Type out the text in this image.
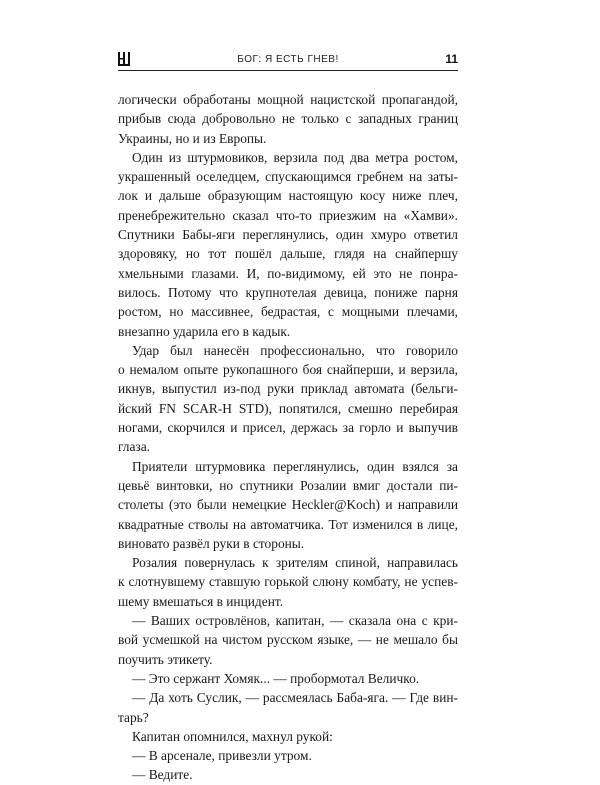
БОГ: Я ЕСТЬ ГНЕВ!	11
логически обработаны мощной нацистской пропагандой,
прибыв сюда добровольно не только с западных границ
Украины, но и из Европы.
Один из штурмовиков, верзила под два метра ростом,
украшенный оселедцем, спускающимся гребнем на заты-
лок и дальше образующим настоящую косу ниже плеч,
пренебрежительно сказал что-то приезжим на «Хамви».
Спутники Бабы-яги переглянулись, один хмуро ответил
здоровяку, но тот пошёл дальше, глядя на снайпершу
хмельными глазами. И, по-видимому, ей это не понра-
вилось. Потому что крупнотелая девица, пониже парня
ростом, но массивнее, бедрастая, с мощными плечами,
внезапно ударила его в кадык.
Удар был нанесён профессионально, что говорило
о немалом опыте рукопашного боя снайперши, и верзила,
икнув, выпустил из-под руки приклад автомата (бельги-
йский FN SCAR-H STD), попятился, смешно перебирая
ногами, скорчился и присел, держась за горло и выпучив
глаза.
Приятели штурмовика переглянулись, один взялся за
цевьё винтовки, но спутники Розалии вмиг достали пи-
столеты (это были немецкие Heckler@Koch) и направили
квадратные стволы на автоматчика. Тот изменился в лице,
виновато развёл руки в стороны.
Розалия повернулась к зрителям спиной, направилась
к слотнувшему ставшую горькой слюну комбату, не успев-
шему вмешаться в инцидент.
— Ваших островлёнов, капитан, — сказала она с кри-
вой усмешкой на чистом русском языке, — не мешало бы
поучить этикету.
— Это сержант Хомяк... — пробормотал Величко.
— Да хоть Суслик, — рассмеялась Баба-яга. — Где вин-
тарь?
Капитан опомнился, махнул рукой:
— В арсенале, привезли утром.
— Ведите.
